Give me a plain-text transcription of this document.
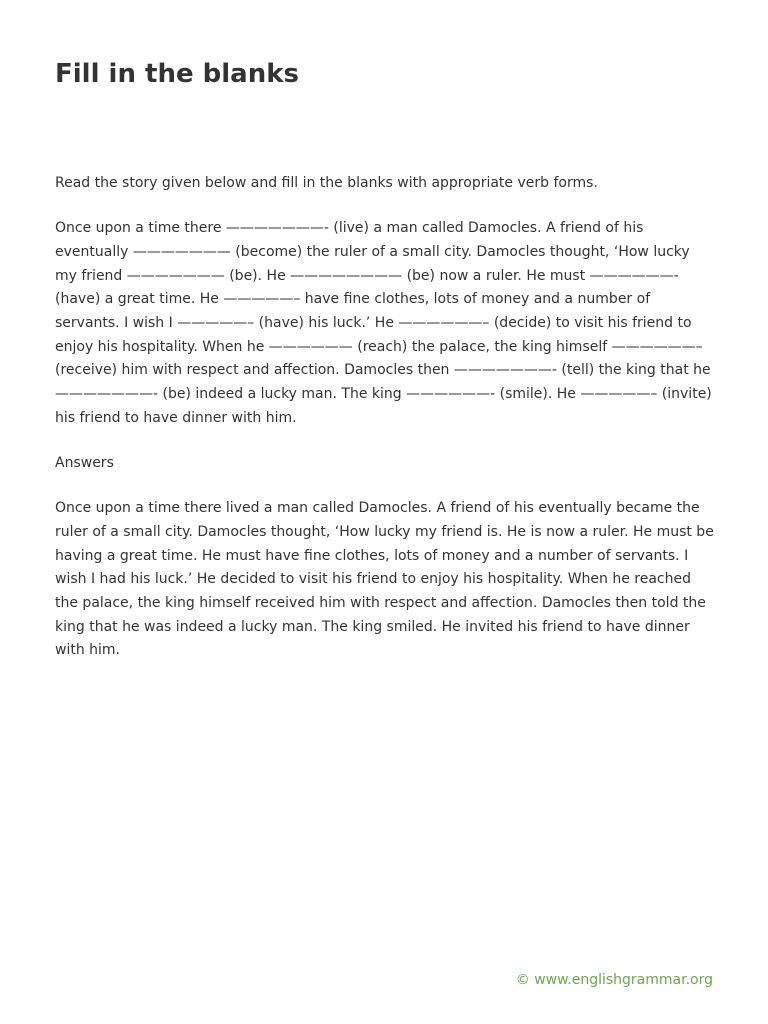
Fill in the blanks

Read the story given below and fill in the blanks with appropriate verb forms.

Once upon a time there ———————- (live) a man called Damocles. A friend of his eventually ——————— (become) the ruler of a small city. Damocles thought, ‘How lucky my friend ——————— (be). He ———————— (be) now a ruler. He must ——————- (have) a great time. He —————– have fine clothes, lots of money and a number of servants. I wish I —————– (have) his luck.’ He ——————– (decide) to visit his friend to enjoy his hospitality. When he —————— (reach) the palace, the king himself ——————– (receive) him with respect and affection. Damocles then ———————- (tell) the king that he ———————- (be) indeed a lucky man. The king ——————- (smile). He —————– (invite) his friend to have dinner with him.

Answers

Once upon a time there lived a man called Damocles. A friend of his eventually became the ruler of a small city. Damocles thought, ‘How lucky my friend is. He is now a ruler. He must be having a great time. He must have fine clothes, lots of money and a number of servants. I wish I had his luck.’ He decided to visit his friend to enjoy his hospitality. When he reached the palace, the king himself received him with respect and affection. Damocles then told the king that he was indeed a lucky man. The king smiled. He invited his friend to have dinner with him.

© www.englishgrammar.org
